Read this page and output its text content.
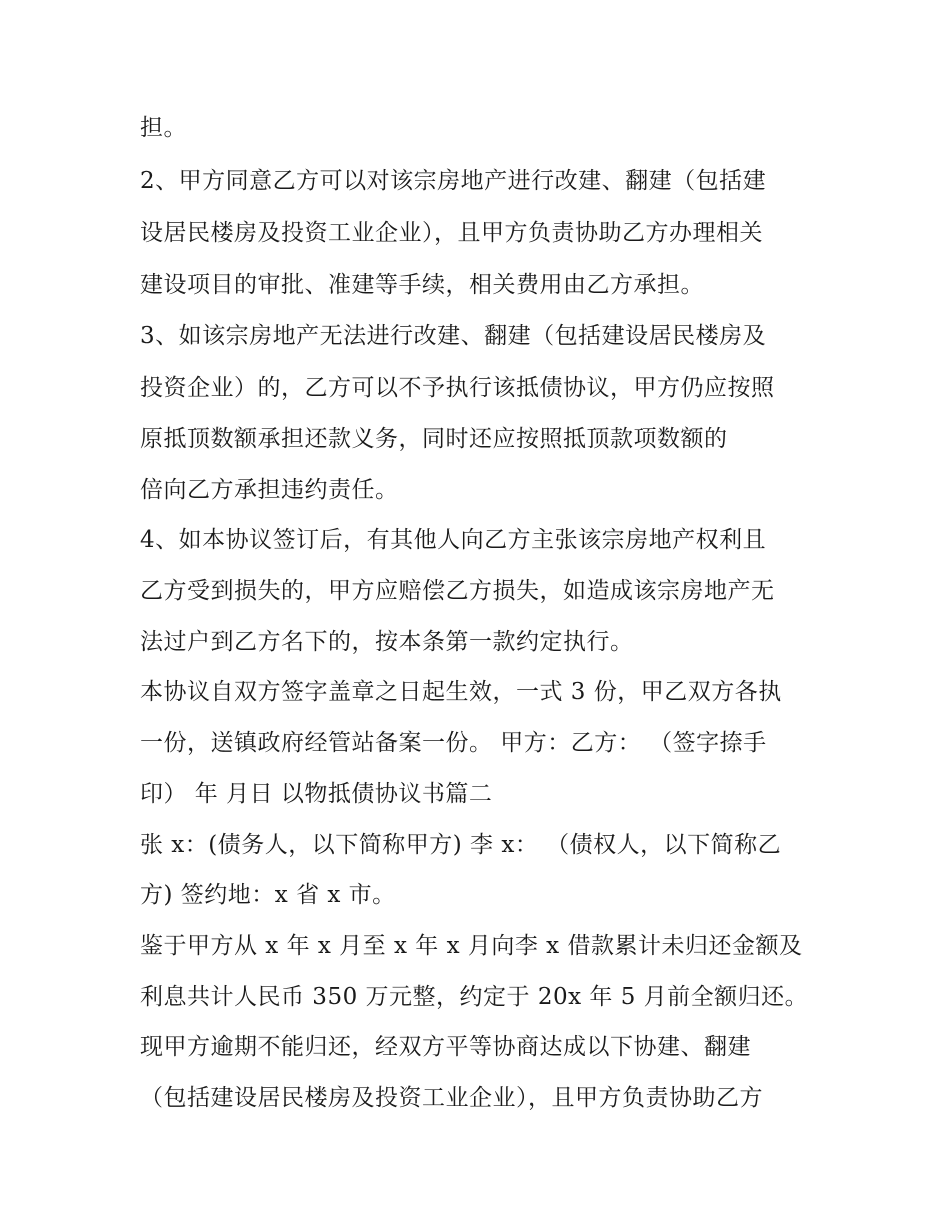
担。
2、甲方同意乙方可以对该宗房地产进行改建、翻建（包括建
设居民楼房及投资工业企业），且甲方负责协助乙方办理相关
建设项目的审批、准建等手续，相关费用由乙方承担。
3、如该宗房地产无法进行改建、翻建（包括建设居民楼房及
投资企业）的，乙方可以不予执行该抵债协议，甲方仍应按照
原抵顶数额承担还款义务，同时还应按照抵顶款项数额的
倍向乙方承担违约责任。
4、如本协议签订后，有其他人向乙方主张该宗房地产权利且
乙方受到损失的，甲方应赔偿乙方损失，如造成该宗房地产无
法过户到乙方名下的，按本条第一款约定执行。
本协议自双方签字盖章之日起生效，一式 3 份，甲乙双方各执
一份，送镇政府经管站备案一份。 甲方：乙方： （签字捺手
印） 年 月日 以物抵债协议书篇二
张 x：(债务人，以下简称甲方) 李 x： （债权人，以下简称乙
方) 签约地：x 省 x 市。
鉴于甲方从 x 年 x 月至 x 年 x 月向李 x 借款累计未归还金额及
利息共计人民币 350 万元整，约定于 20x 年 5 月前全额归还。
现甲方逾期不能归还，经双方平等协商达成以下协建、翻建
（包括建设居民楼房及投资工业企业），且甲方负责协助乙方
